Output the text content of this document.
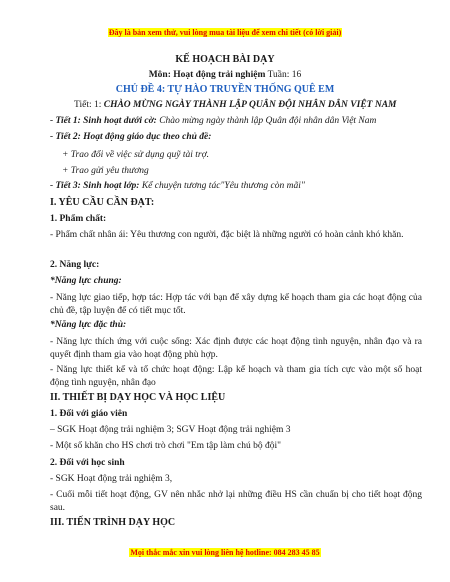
Đây là bản xem thử, vui lòng mua tài liệu để xem chi tiết (có lời giải)
KẾ HOẠCH BÀI DẠY
Môn: Hoạt động trải nghiệm Tuần: 16
CHỦ ĐỀ 4: TỰ HÀO TRUYỀN THỐNG QUÊ EM
Tiết: 1: CHÀO MỪNG NGÀY THÀNH LẬP QUÂN ĐỘI NHÂN DÂN VIỆT NAM
- Tiết 1: Sinh hoạt dưới cờ: Chào mừng ngày thành lập Quân đội nhân dân Việt Nam
- Tiết 2: Hoạt động giáo dục theo chủ đề:
+ Trao đổi về việc sử dụng quỹ tài trợ.
+ Trao gửi yêu thương
- Tiết 3: Sinh hoạt lớp: Kể chuyện tương tác"Yêu thương còn mãi"
I. YÊU CẦU CẦN ĐẠT:
1. Phẩm chất:
- Phẩm chất nhân ái: Yêu thương con người, đặc biệt là những người có hoàn cảnh khó khăn.
2. Năng lực:
*Năng lực chung:
- Năng lực giao tiếp, hợp tác: Hợp tác với bạn để xây dựng kế hoạch tham gia các hoạt động của chủ đề, tập luyện để có tiết mục tốt.
*Năng lực đặc thù:
- Năng lực thích ứng với cuộc sống: Xác định được các hoạt động tình nguyện, nhân đạo và ra quyết định tham gia vào hoạt động phù hợp.
- Năng lực thiết kế và tổ chức hoạt động: Lập kế hoạch và tham gia tích cực vào một số hoạt động tình nguyện, nhân đạo
II. THIẾT BỊ DẠY HỌC VÀ HỌC LIỆU
1. Đối với giáo viên
– SGK Hoạt động trải nghiệm 3; SGV Hoạt động trải nghiệm 3
- Một số khăn cho HS chơi trò chơi "Em tập làm chú bộ đội"
2. Đối với học sinh
- SGK Hoạt động trải nghiệm 3,
- Cuối mỗi tiết hoạt động, GV nên nhắc nhở lại những điều HS cần chuẩn bị cho tiết hoạt động sau.
III. TIẾN TRÌNH DẠY HỌC
Mọi thắc mắc xin vui lòng liên hệ hotline: 084 283 45 85
